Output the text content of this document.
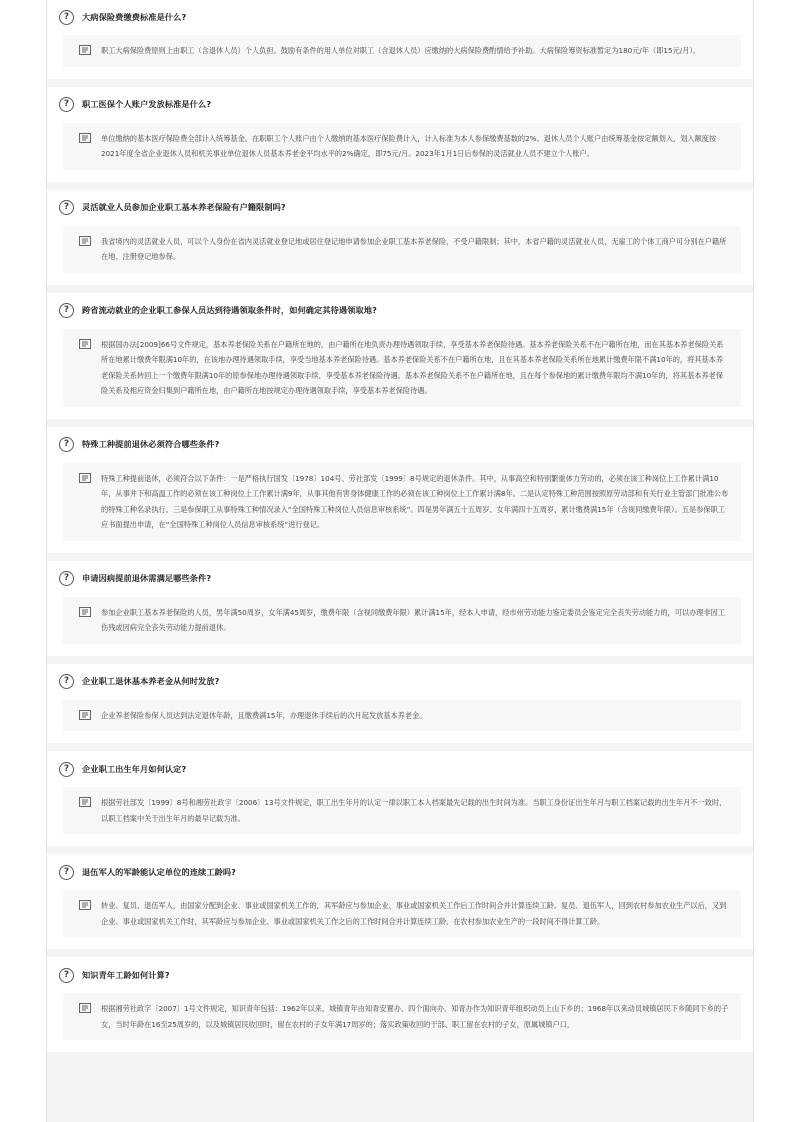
?	大病保险费缴费标准是什么?
职工大病保险费原则上由职工（含退休人员）个人负担。鼓励有条件的用人单位对职工（含退休人员）应缴纳的大病保险费酌情给予补助。大病保险筹资标准暂定为180元/年（即15元/月）。
?	职工医保个人账户发放标准是什么?
单位缴纳的基本医疗保险费全部计入统筹基金。在职职工个人账户由个人缴纳的基本医疗保险费计入，计入标准为本人参保缴费基数的2%。退休人员个人账户由统筹基金按定额划入，划入额度按2021年度全省企业退休人员和机关事业单位退休人员基本养老金平均水平的2%确定，即75元/月。2023年1月1日后参保的灵活就业人员不建立个人账户。
?	灵活就业人员参加企业职工基本养老保险有户籍限制吗?
我省境内的灵活就业人员，可以个人身份在省内灵活就业登记地或居住登记地申请参加企业职工基本养老保险，不受户籍限制；其中，本省户籍的灵活就业人员、无雇工的个体工商户可分别在户籍所在地、注册登记地参保。
?	跨省流动就业的企业职工参保人员达到待遇领取条件时，如何确定其待遇领取地?
根据国办法[2009]66号文件规定，基本养老保险关系在户籍所在地的，由户籍所在地负责办理待遇领取手续，享受基本养老保险待遇。基本养老保险关系不在户籍所在地，而在其基本养老保险关系所在地累计缴费年限满10年的，在该地办理待遇领取手续，享受当地基本养老保险待遇。基本养老保险关系不在户籍所在地，且在其基本养老保险关系所在地累计缴费年限不满10年的，将其基本养老保险关系转回上一个缴费年限满10年的原参保地办理待遇领取手续，享受基本养老保险待遇。基本养老保险关系不在户籍所在地，且在每个参保地的累计缴费年限均不满10年的，将其基本养老保险关系及相应资金归集到户籍所在地，由户籍所在地按规定办理待遇领取手续，享受基本养老保险待遇。
?	特殊工种提前退休必须符合哪些条件?
特殊工种提前退休，必须符合以下条件：一是严格执行国发〔1978〕104号、劳社部发〔1999〕8号规定的退休条件。其中，从事高空和特别繁重体力劳动的，必须在该工种岗位上工作累计满10年，从事井下和高温工作的必须在该工种岗位上工作累计满9年，从事其他有害身体健康工作的必须在该工种岗位上工作累计满8年。二是认定特殊工种范围按照原劳动部和有关行业主管部门批准公布的特殊工种名录执行。三是参保职工从事特殊工种情况录入“全国特殊工种岗位人员信息审核系统”。四是男年满五十五周岁、女年满四十五周岁，累计缴费满15年（含视同缴费年限）。五是参保职工应书面提出申请，在“全国特殊工种岗位人员信息审核系统”进行登记。
?	申请因病提前退休需满足哪些条件?
参加企业职工基本养老保险的人员，男年满50周岁，女年满45周岁，缴费年限（含视同缴费年限）累计满15年，经本人申请，经市州劳动能力鉴定委员会鉴定完全丧失劳动能力的，可以办理非因工伤残或因病完全丧失劳动能力提前退休。
?	企业职工退休基本养老金从何时发放?
企业养老保险参保人员达到法定退休年龄，且缴费满15年，办理退休手续后的次月起发放基本养老金。
?	企业职工出生年月如何认定?
根据劳社部发〔1999〕8号和湘劳社政字〔2006〕13号文件规定，职工出生年月的认定一律以职工本人档案最先记载的出生时间为准。当职工身份证出生年月与职工档案记载的出生年月不一致时，以职工档案中关于出生年月的最早记载为准。
?	退伍军人的军龄能认定单位的连续工龄吗?
转业、复员、退伍军人，由国家分配到企业、事业或国家机关工作的，其军龄应与参加企业、事业或国家机关工作后工作时间合并计算连续工龄。复员、退伍军人，回到农村参加农业生产以后，又到企业、事业或国家机关工作时，其军龄应与参加企业、事业或国家机关工作之后的工作时间合并计算连续工龄，在农村参加农业生产的一段时间不得计算工龄。
?	知识青年工龄如何计算?
根据湘劳社政字〔2007〕1号文件规定，知识青年包括：1962年以来，城镇青年由知青安置办、四个面向办、知青办作为知识青年组织动员上山下乡的；1968年以来动员城镇居民下乡随同下乡的子女，当时年龄在16至25周岁的，以及城镇居民收回时，留在农村的子女年满17周岁的；落实政策收回的干部、职工留在农村的子女，原属城镇户口，
